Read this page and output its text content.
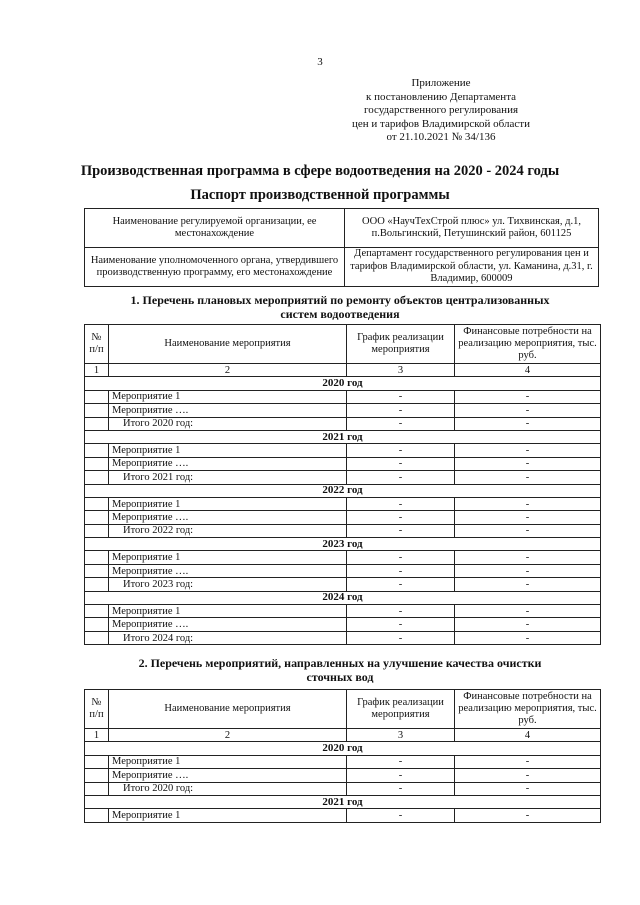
3
Приложение
к постановлению Департамента
государственного регулирования
цен и тарифов Владимирской области
от 21.10.2021 № 34/136
Производственная программа в сфере водоотведения на 2020 - 2024 годы
Паспорт производственной программы
Наименование регулируемой организации, ее местонахождение	ООО «НаучТехСтрой плюс» ул. Тихвинская, д.1, п.Вольгинский, Петушинский район, 601125
Наименование уполномоченного органа, утвердившего производственную программу, его местонахождение	Департамент государственного регулирования цен и тарифов Владимирской области, ул. Каманина, д.31, г. Владимир, 600009
1. Перечень плановых мероприятий по ремонту объектов централизованных
систем водоотведения
№ п/п	Наименование мероприятия	График реализации мероприятия	Финансовые потребности на реализацию мероприятия, тыс. руб.
1	2	3	4
2020 год			
	Мероприятие 1	-	-
	Мероприятие ….	-	-
	Итого 2020 год:	-	-
2021 год			
	Мероприятие 1	-	-
	Мероприятие ….	-	-
	Итого 2021 год:	-	-
2022 год			
	Мероприятие 1	-	-
	Мероприятие ….	-	-
	Итого 2022 год:	-	-
2023 год			
	Мероприятие 1	-	-
	Мероприятие ….	-	-
	Итого 2023 год:	-	-
2024 год			
	Мероприятие 1	-	-
	Мероприятие ….	-	-
	Итого 2024 год:	-	-
2. Перечень мероприятий, направленных на улучшение качества очистки
сточных вод
№ п/п	Наименование мероприятия	График реализации мероприятия	Финансовые потребности на реализацию мероприятия, тыс. руб.
1	2	3	4
2020 год			
	Мероприятие 1	-	-
	Мероприятие ….	-	-
	Итого 2020 год:	-	-
2021 год			
	Мероприятие 1	-	-
